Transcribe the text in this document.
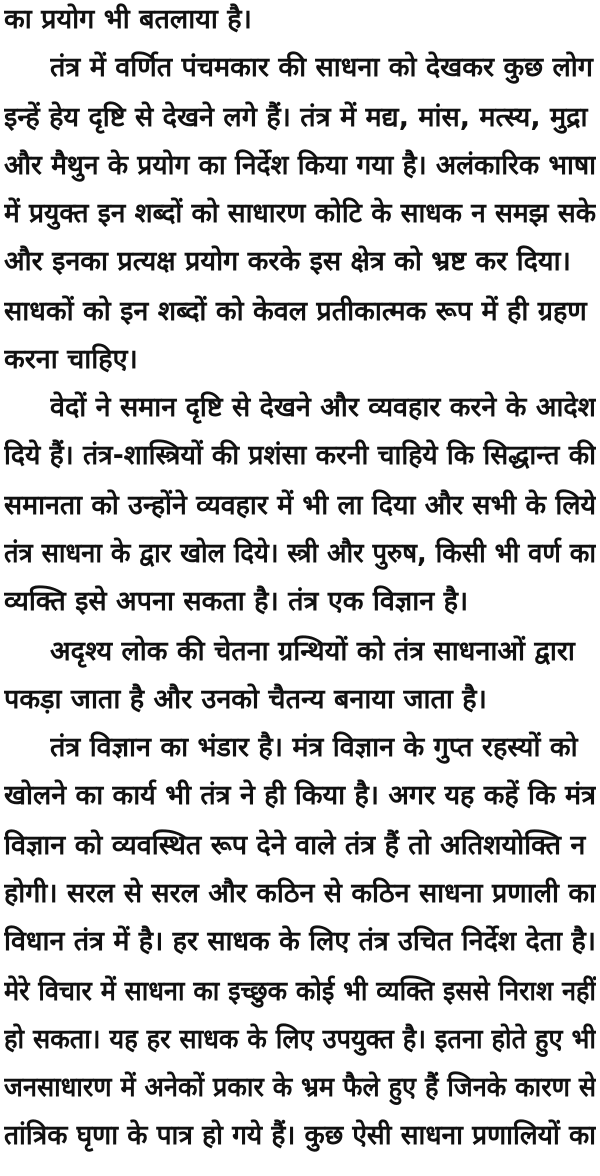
का प्रयोग भी बतलाया है।
तंत्र में वर्णित पंचमकार की साधना को देखकर कुछ लोग
इन्हें हेय दृष्टि से देखने लगे हैं। तंत्र में मद्य, मांस, मत्स्य, मुद्रा
और मैथुन के प्रयोग का निर्देश किया गया है। अलंकारिक भाषा
में प्रयुक्त इन शब्दों को साधारण कोटि के साधक न समझ सके
और इनका प्रत्यक्ष प्रयोग करके इस क्षेत्र को भ्रष्ट कर दिया।
साधकों को इन शब्दों को केवल प्रतीकात्मक रूप में ही ग्रहण
करना चाहिए।
वेदों ने समान दृष्टि से देखने और व्यवहार करने के आदेश
दिये हैं। तंत्र-शास्त्रियों की प्रशंसा करनी चाहिये कि सिद्धान्त की
समानता को उन्होंने व्यवहार में भी ला दिया और सभी के लिये
तंत्र साधना के द्वार खोल दिये। स्त्री और पुरुष, किसी भी वर्ण का
व्यक्ति इसे अपना सकता है। तंत्र एक विज्ञान है।
अदृश्य लोक की चेतना ग्रन्थियों को तंत्र साधनाओं द्वारा
पकड़ा जाता है और उनको चैतन्य बनाया जाता है।
तंत्र विज्ञान का भंडार है। मंत्र विज्ञान के गुप्त रहस्यों को
खोलने का कार्य भी तंत्र ने ही किया है। अगर यह कहें कि मंत्र
विज्ञान को व्यवस्थित रूप देने वाले तंत्र हैं तो अतिशयोक्ति न
होगी। सरल से सरल और कठिन से कठिन साधना प्रणाली का
विधान तंत्र में है। हर साधक के लिए तंत्र उचित निर्देश देता है।
मेरे विचार में साधना का इच्छुक कोई भी व्यक्ति इससे निराश नहीं
हो सकता। यह हर साधक के लिए उपयुक्त है। इतना होते हुए भी
जनसाधारण में अनेकों प्रकार के भ्रम फैले हुए हैं जिनके कारण से
तांत्रिक घृणा के पात्र हो गये हैं। कुछ ऐसी साधना प्रणालियों का
